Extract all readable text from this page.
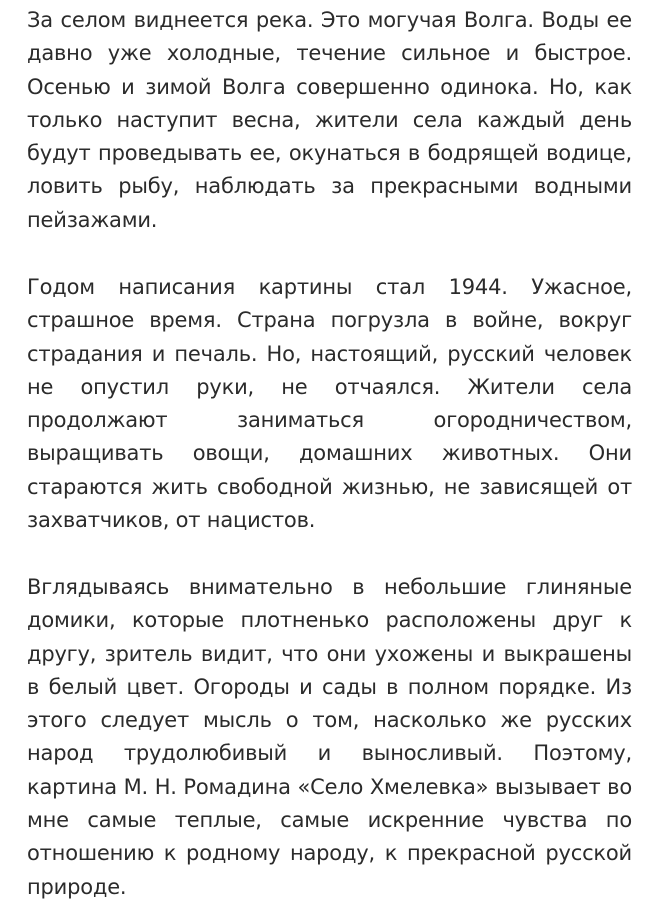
За селом виднеется река. Это могучая Волга. Воды ее давно уже холодные, течение сильное и быстрое. Осенью и зимой Волга совершенно одинока. Но, как только наступит весна, жители села каждый день будут проведывать ее, окунаться в бодрящей водице, ловить рыбу, наблюдать за прекрасными водными пейзажами.

Годом написания картины стал 1944. Ужасное, страшное время. Страна погрузла в войне, вокруг страдания и печаль. Но, настоящий, русский человек не опустил руки, не отчаялся. Жители села продолжают заниматься огородничеством, выращивать овощи, домашних животных. Они стараются жить свободной жизнью, не зависящей от захватчиков, от нацистов.

Вглядываясь внимательно в небольшие глиняные домики, которые плотненько расположены друг к другу, зритель видит, что они ухожены и выкрашены в белый цвет. Огороды и сады в полном порядке. Из этого следует мысль о том, насколько же русских народ трудолюбивый и выносливый. Поэтому, картина М. Н. Ромадина «Село Хмелевка» вызывает во мне самые теплые, самые искренние чувства по отношению к родному народу, к прекрасной русской природе.
